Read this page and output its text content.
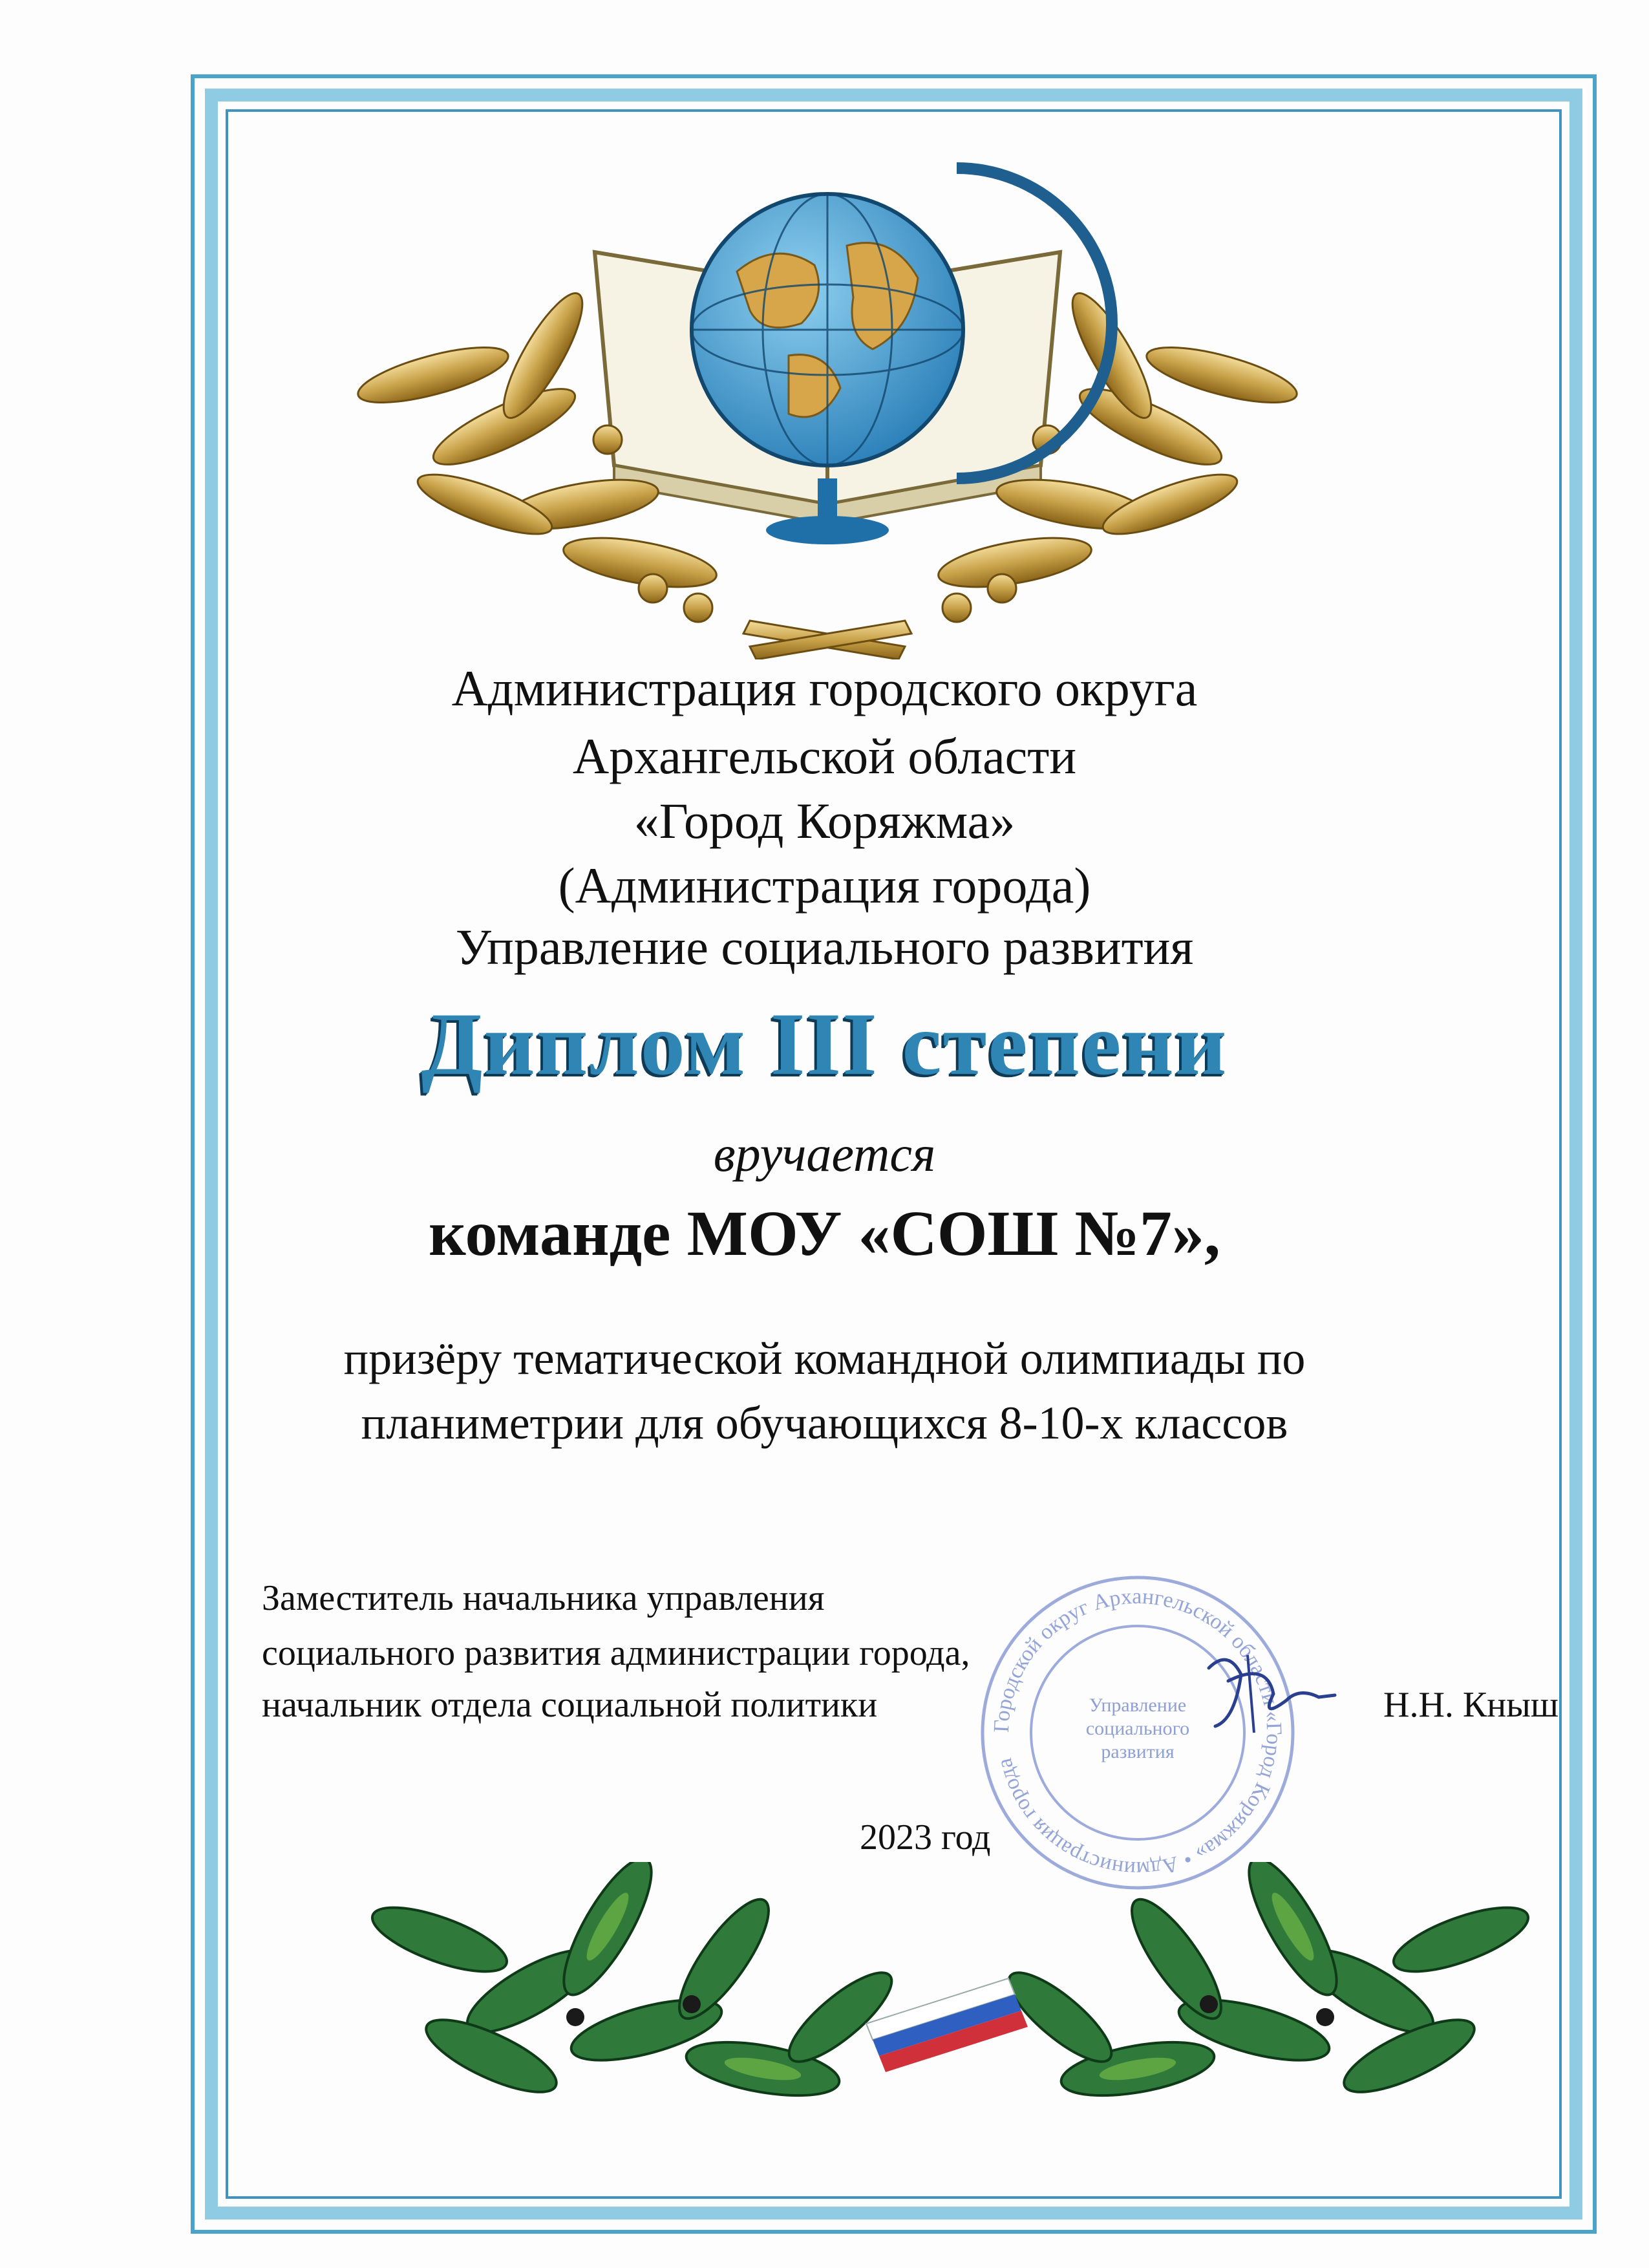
Администрация городского округа
Архангельской области
«Город Коряжма»
(Администрация города)
Управление социального развития
Диплом III степени
вручается
команде МОУ «СОШ №7»,
призёру тематической командной олимпиады по
планиметрии для обучающихся 8-10-х классов
Городской округ Архангельской области «Город Коряжма» • Администрация города
Управление социального развития
Заместитель начальника управления
социального развития администрации города,
начальник отдела социальной политики	Н.Н. Кныш
2023 год
